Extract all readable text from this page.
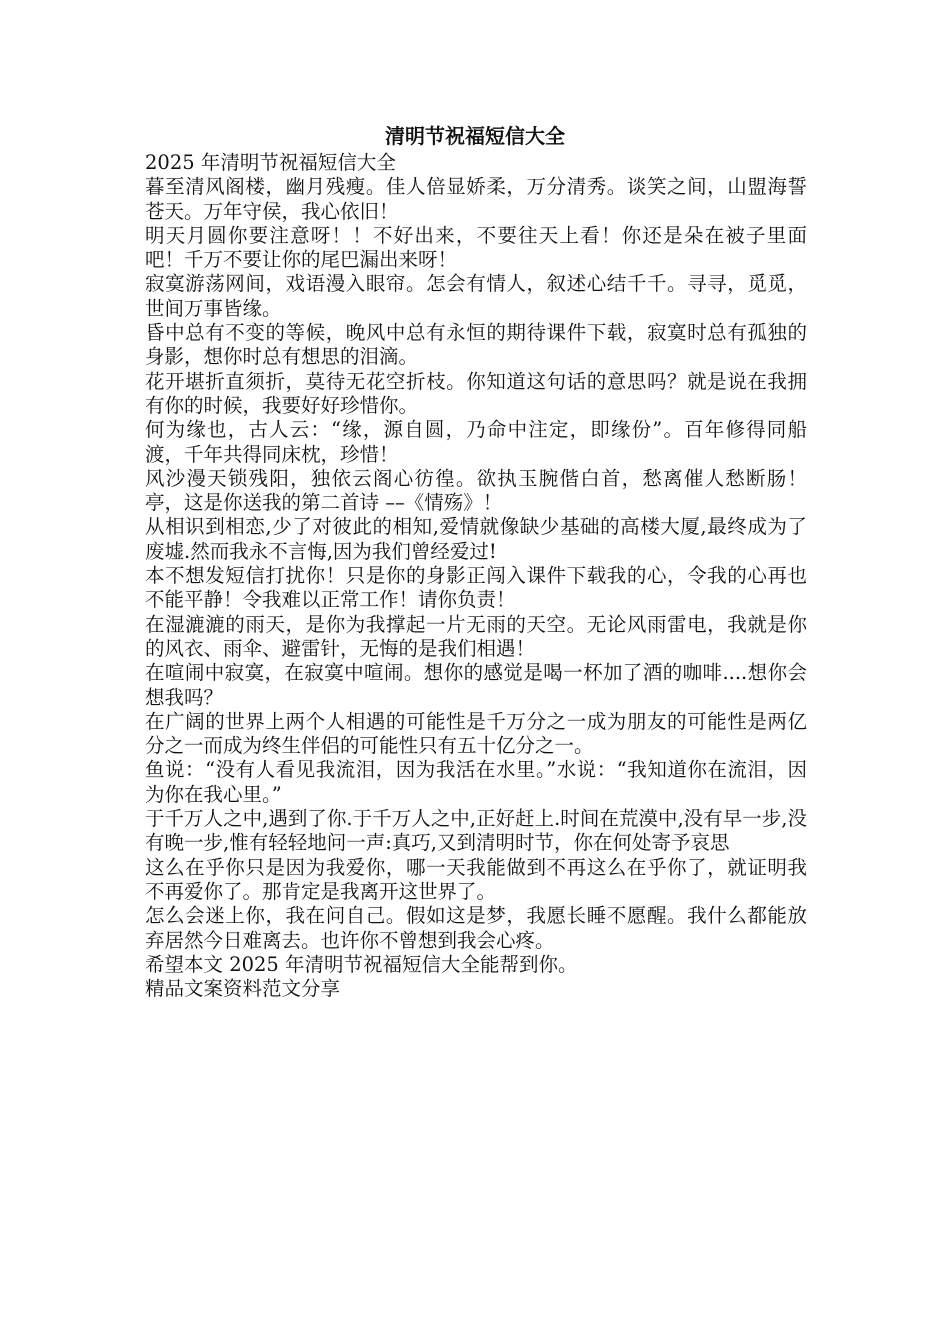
清明节祝福短信大全

2025 年清明节祝福短信大全

暮至清风阁楼，幽月残瘦。佳人倍显娇柔，万分清秀。谈笑之间，山盟海誓苍天。万年守侯，我心依旧！

明天月圆你要注意呀！！不好出来，不要往天上看！你还是朵在被子里面吧！千万不要让你的尾巴漏出来呀！

寂寞游荡网间，戏语漫入眼帘。怎会有情人，叙述心结千千。寻寻，觅觅，世间万事皆缘。

昏中总有不变的等候，晚风中总有永恒的期待课件下载，寂寞时总有孤独的身影，想你时总有想思的泪滴。

花开堪折直须折，莫待无花空折枝。你知道这句话的意思吗？就是说在我拥有你的时候，我要好好珍惜你。

何为缘也，古人云：“缘，源自圆，乃命中注定，即缘份”。百年修得同船渡，千年共得同床枕，珍惜！

风沙漫天锁残阳，独依云阁心彷徨。欲执玉腕偕白首，愁离催人愁断肠！亭，这是你送我的第二首诗 ––《情殇》！

从相识到相恋,少了对彼此的相知,爱情就像缺少基础的高楼大厦,最终成为了废墟.然而我永不言悔,因为我们曾经爱过!

本不想发短信打扰你！只是你的身影正闯入课件下载我的心，令我的心再也不能平静！令我难以正常工作！请你负责！

在湿漉漉的雨天，是你为我撑起一片无雨的天空。无论风雨雷电，我就是你的风衣、雨伞、避雷针，无悔的是我们相遇！

在喧闹中寂寞，在寂寞中喧闹。想你的感觉是喝一杯加了酒的咖啡....想你会想我吗？

在广阔的世界上两个人相遇的可能性是千万分之一成为朋友的可能性是两亿分之一而成为终生伴侣的可能性只有五十亿分之一。

鱼说：“没有人看见我流泪，因为我活在水里。”水说：“我知道你在流泪，因为你在我心里。”

于千万人之中,遇到了你.于千万人之中,正好赶上.时间在荒漠中,没有早一步,没有晚一步,惟有轻轻地问一声:真巧,又到清明时节，你在何处寄予哀思

这么在乎你只是因为我爱你，哪一天我能做到不再这么在乎你了，就证明我不再爱你了。那肯定是我离开这世界了。

怎么会迷上你，我在问自己。假如这是梦，我愿长睡不愿醒。我什么都能放弃居然今日难离去。也许你不曾想到我会心疼。

希望本文 2025 年清明节祝福短信大全能帮到你。

精品文案资料范文分享
